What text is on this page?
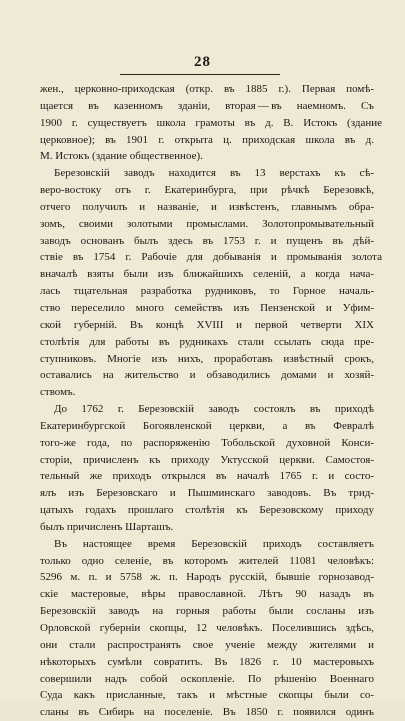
28
жен., церковно-приходская (откр. въ 1885 г.). Первая помѣ-
щается въ казенномъ зданіи, вторая — въ наемномъ. Съ
1900 г. существуетъ школа грамоты въ д. В. Истокъ (здание
церковное); въ 1901 г. открыта ц. приходская школа въ д.
М. Истокъ (здание общественное).
Березовскій заводъ находится въ 13 верстахъ къ сѣ-
веро-востоку отъ г. Екатеринбурга, при рѣчкѣ Березовкѣ,
отчего получилъ и названіе, и извѣстенъ, главнымъ обра-
зомъ, своими золотыми промыслами. Золотопромывательный
заводъ основанъ былъ здесь въ 1753 г. и пущенъ въ дѣй-
ствіе въ 1754 г. Рабочіе для добыванія и промыванія золота
вначалѣ взяты были изъ ближайшихъ селеній, а когда нача-
лась тщательная разработка рудниковъ, то Горное началь-
ство переселило много семействъ изъ Пензенской и Уфим-
ской губерній. Въ концѣ XVIII и первой четверти XIX
столѣтія для работы въ рудникахъ стали ссылать сюда пре-
ступниковъ. Многіе изъ нихъ, проработавъ извѣстный срокъ,
оставались на жительство и обзаводились домами и хозяй-
ствомъ.
До 1762 г. Березовскій заводъ состоялъ въ приходѣ
Екатеринбургской Богоявленской церкви, а въ Февралѣ
того-же года, по распоряженію Тобольской духовной Конси-
сторіи, причисленъ къ приходу Уктусской церкви. Самостоя-
тельный же приходъ открылся въ началѣ 1765 г. и состо-
ялъ изъ Березовскаго и Пышминскаго заводовъ. Въ трид-
цатыхъ годахъ прошлаго столѣтія къ Березовскому приходу
былъ причисленъ Шарташъ.
Въ настоящее время Березовскій приходъ составляетъ
только одно селеніе, въ которомъ жителей 11081 человѣкъ:
5296 м. п. и 5758 ж. п. Народъ русскій, бывшіе горнозавод-
скіе мастеровые, вѣры православной. Лѣтъ 90 назадъ въ
Березовскій заводъ на горныя работы были сосланы изъ
Орловской губерніи скопцы, 12 человѣкъ. Поселившись здѣсь,
они стали распространять свое ученіе между жителями и
нѣкоторыхъ сумѣли совратить. Въ 1826 г. 10 мастеровыхъ
совершили надъ собой оскопленіе. По рѣшенію Военнаго
Суда какъ присланные, такъ и мѣстные скопцы были со-
сланы въ Сибирь на поселеніе. Въ 1850 г. появился одинъ
